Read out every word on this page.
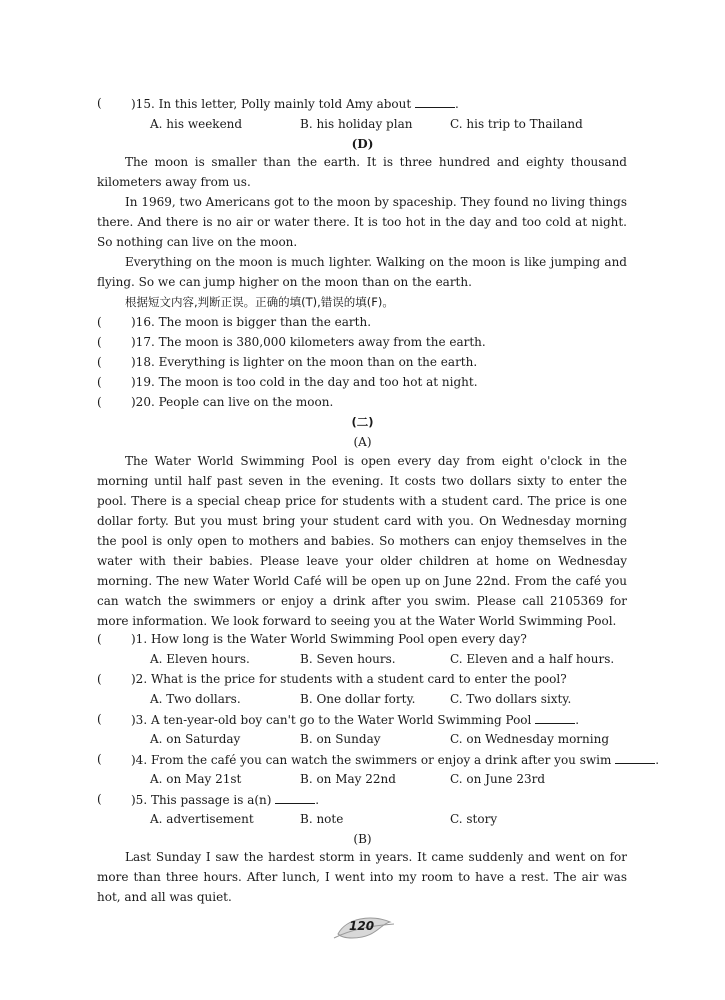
( )15. In this letter, Polly mainly told Amy about	.
A. his weekend	B. his holiday plan	C. his trip to Thailand
(D)
The moon is smaller than the earth. It is three hundred and eighty thousand kilometers away from us.
In 1969, two Americans got to the moon by spaceship. They found no living things there. And there is no air or water there. It is too hot in the day and too cold at night. So nothing can live on the moon.
Everything on the moon is much lighter. Walking on the moon is like jumping and flying. So we can jump higher on the moon than on the earth.
根据短文内容,判断正误。正确的填(T),错误的填(F)。
( )16. The moon is bigger than the earth.
( )17. The moon is 380,000 kilometers away from the earth.
( )18. Everything is lighter on the moon than on the earth.
( )19. The moon is too cold in the day and too hot at night.
( )20. People can live on the moon.
(二)
(A)
The Water World Swimming Pool is open every day from eight o'clock in the morning until half past seven in the evening. It costs two dollars sixty to enter the pool. There is a special cheap price for students with a student card. The price is one dollar forty. But you must bring your student card with you. On Wednesday morning the pool is only open to mothers and babies. So mothers can enjoy themselves in the water with their babies. Please leave your older children at home on Wednesday morning. The new Water World Café will be open up on June 22nd. From the café you can watch the swimmers or enjoy a drink after you swim. Please call 2105369 for more information. We look forward to seeing you at the Water World Swimming Pool.
( )1. How long is the Water World Swimming Pool open every day?
A. Eleven hours.	B. Seven hours.	C. Eleven and a half hours.
( )2. What is the price for students with a student card to enter the pool?
A. Two dollars.	B. One dollar forty.	C. Two dollars sixty.
( )3. A ten-year-old boy can't go to the Water World Swimming Pool	.
A. on Saturday	B. on Sunday	C. on Wednesday morning
( )4. From the café you can watch the swimmers or enjoy a drink after you swim	.
A. on May 21st	B. on May 22nd	C. on June 23rd
( )5. This passage is a(n)	.
A. advertisement	B. note	C. story
(B)
Last Sunday I saw the hardest storm in years. It came suddenly and went on for more than three hours. After lunch, I went into my room to have a rest. The air was hot, and all was quiet.
120
